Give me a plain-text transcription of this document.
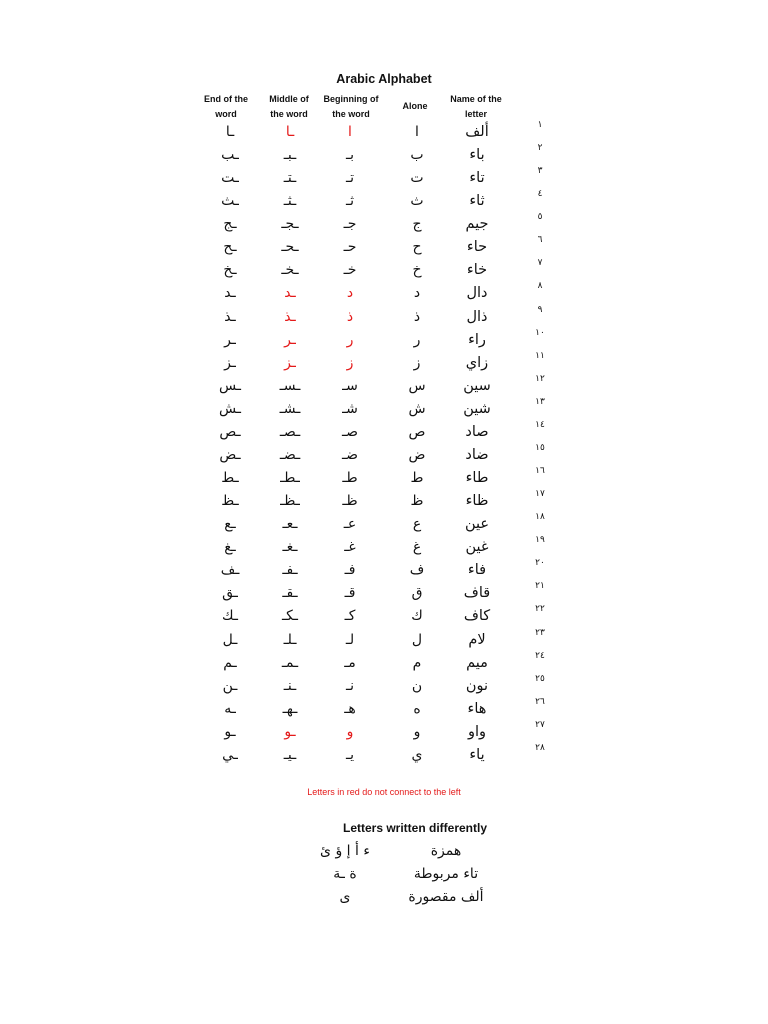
Arabic Alphabet
End of the
word
Middle of
the word
Beginning of
the word
Alone
Name of the
letter
ـا	ـا	ا	ا	ألف	١
ـب	ـبـ	بـ	ب	باء	٢
ـت	ـتـ	تـ	ت	تاء	٣
ـث	ـثـ	ثـ	ث	ثاء	٤
ـج	ـجـ	جـ	ج	جيم	٥
ـح	ـحـ	حـ	ح	حاء	٦
ـخ	ـخـ	خـ	خ	خاء	٧
ـد	ـد	د	د	دال	٨
ـذ	ـذ	ذ	ذ	ذال	٩
ـر	ـر	ر	ر	راء	١٠
ـز	ـز	ز	ز	زاي	١١
ـس	ـسـ	سـ	س	سين	١٢
ـش	ـشـ	شـ	ش	شين	١٣
ـص	ـصـ	صـ	ص	صاد	١٤
ـض	ـضـ	ضـ	ض	ضاد	١٥
ـط	ـطـ	طـ	ط	طاء	١٦
ـظ	ـظـ	ظـ	ظ	ظاء	١٧
ـع	ـعـ	عـ	ع	عين	١٨
ـغ	ـغـ	غـ	غ	غين	١٩
ـف	ـفـ	فـ	ف	فاء	٢٠
ـق	ـقـ	قـ	ق	قاف	٢١
ـك	ـكـ	كـ	ك	كاف	٢٢
ـل	ـلـ	لـ	ل	لام	٢٣
ـم	ـمـ	مـ	م	ميم	٢٤
ـن	ـنـ	نـ	ن	نون	٢٥
ـه	ـهـ	هـ	ه	هاء	٢٦
ـو	ـو	و	و	واو	٢٧
ـي	ـيـ	يـ	ي	ياء	٢٨
Letters in red do not connect to the left
Letters written differently
ء أ إ ؤ ئ	همزة
ة ـة	تاء مربوطة
ى	ألف مقصورة
